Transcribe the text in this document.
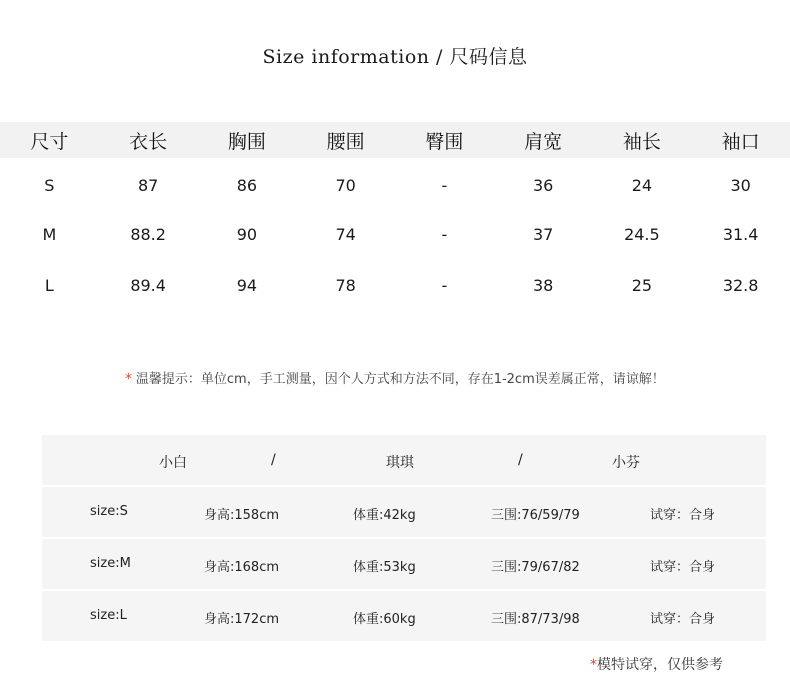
Size information / 尺码信息
尺寸	衣长	胸围	腰围	臀围	肩宽	袖长	袖口
S	87	86	70	-	36	24	30
M	88.2	90	74	-	37	24.5	31.4
L	89.4	94	78	-	38	25	32.8
* 温馨提示：单位cm，手工测量，因个人方式和方法不同，存在1-2cm误差属正常，请谅解！
小白	/	琪琪	/	小芬
size:S	身高:158cm	体重:42kg	三围:76/59/79	试穿：合身
size:M	身高:168cm	体重:53kg	三围:79/67/82	试穿：合身
size:L	身高:172cm	体重:60kg	三围:87/73/98	试穿：合身
*模特试穿，仅供参考
